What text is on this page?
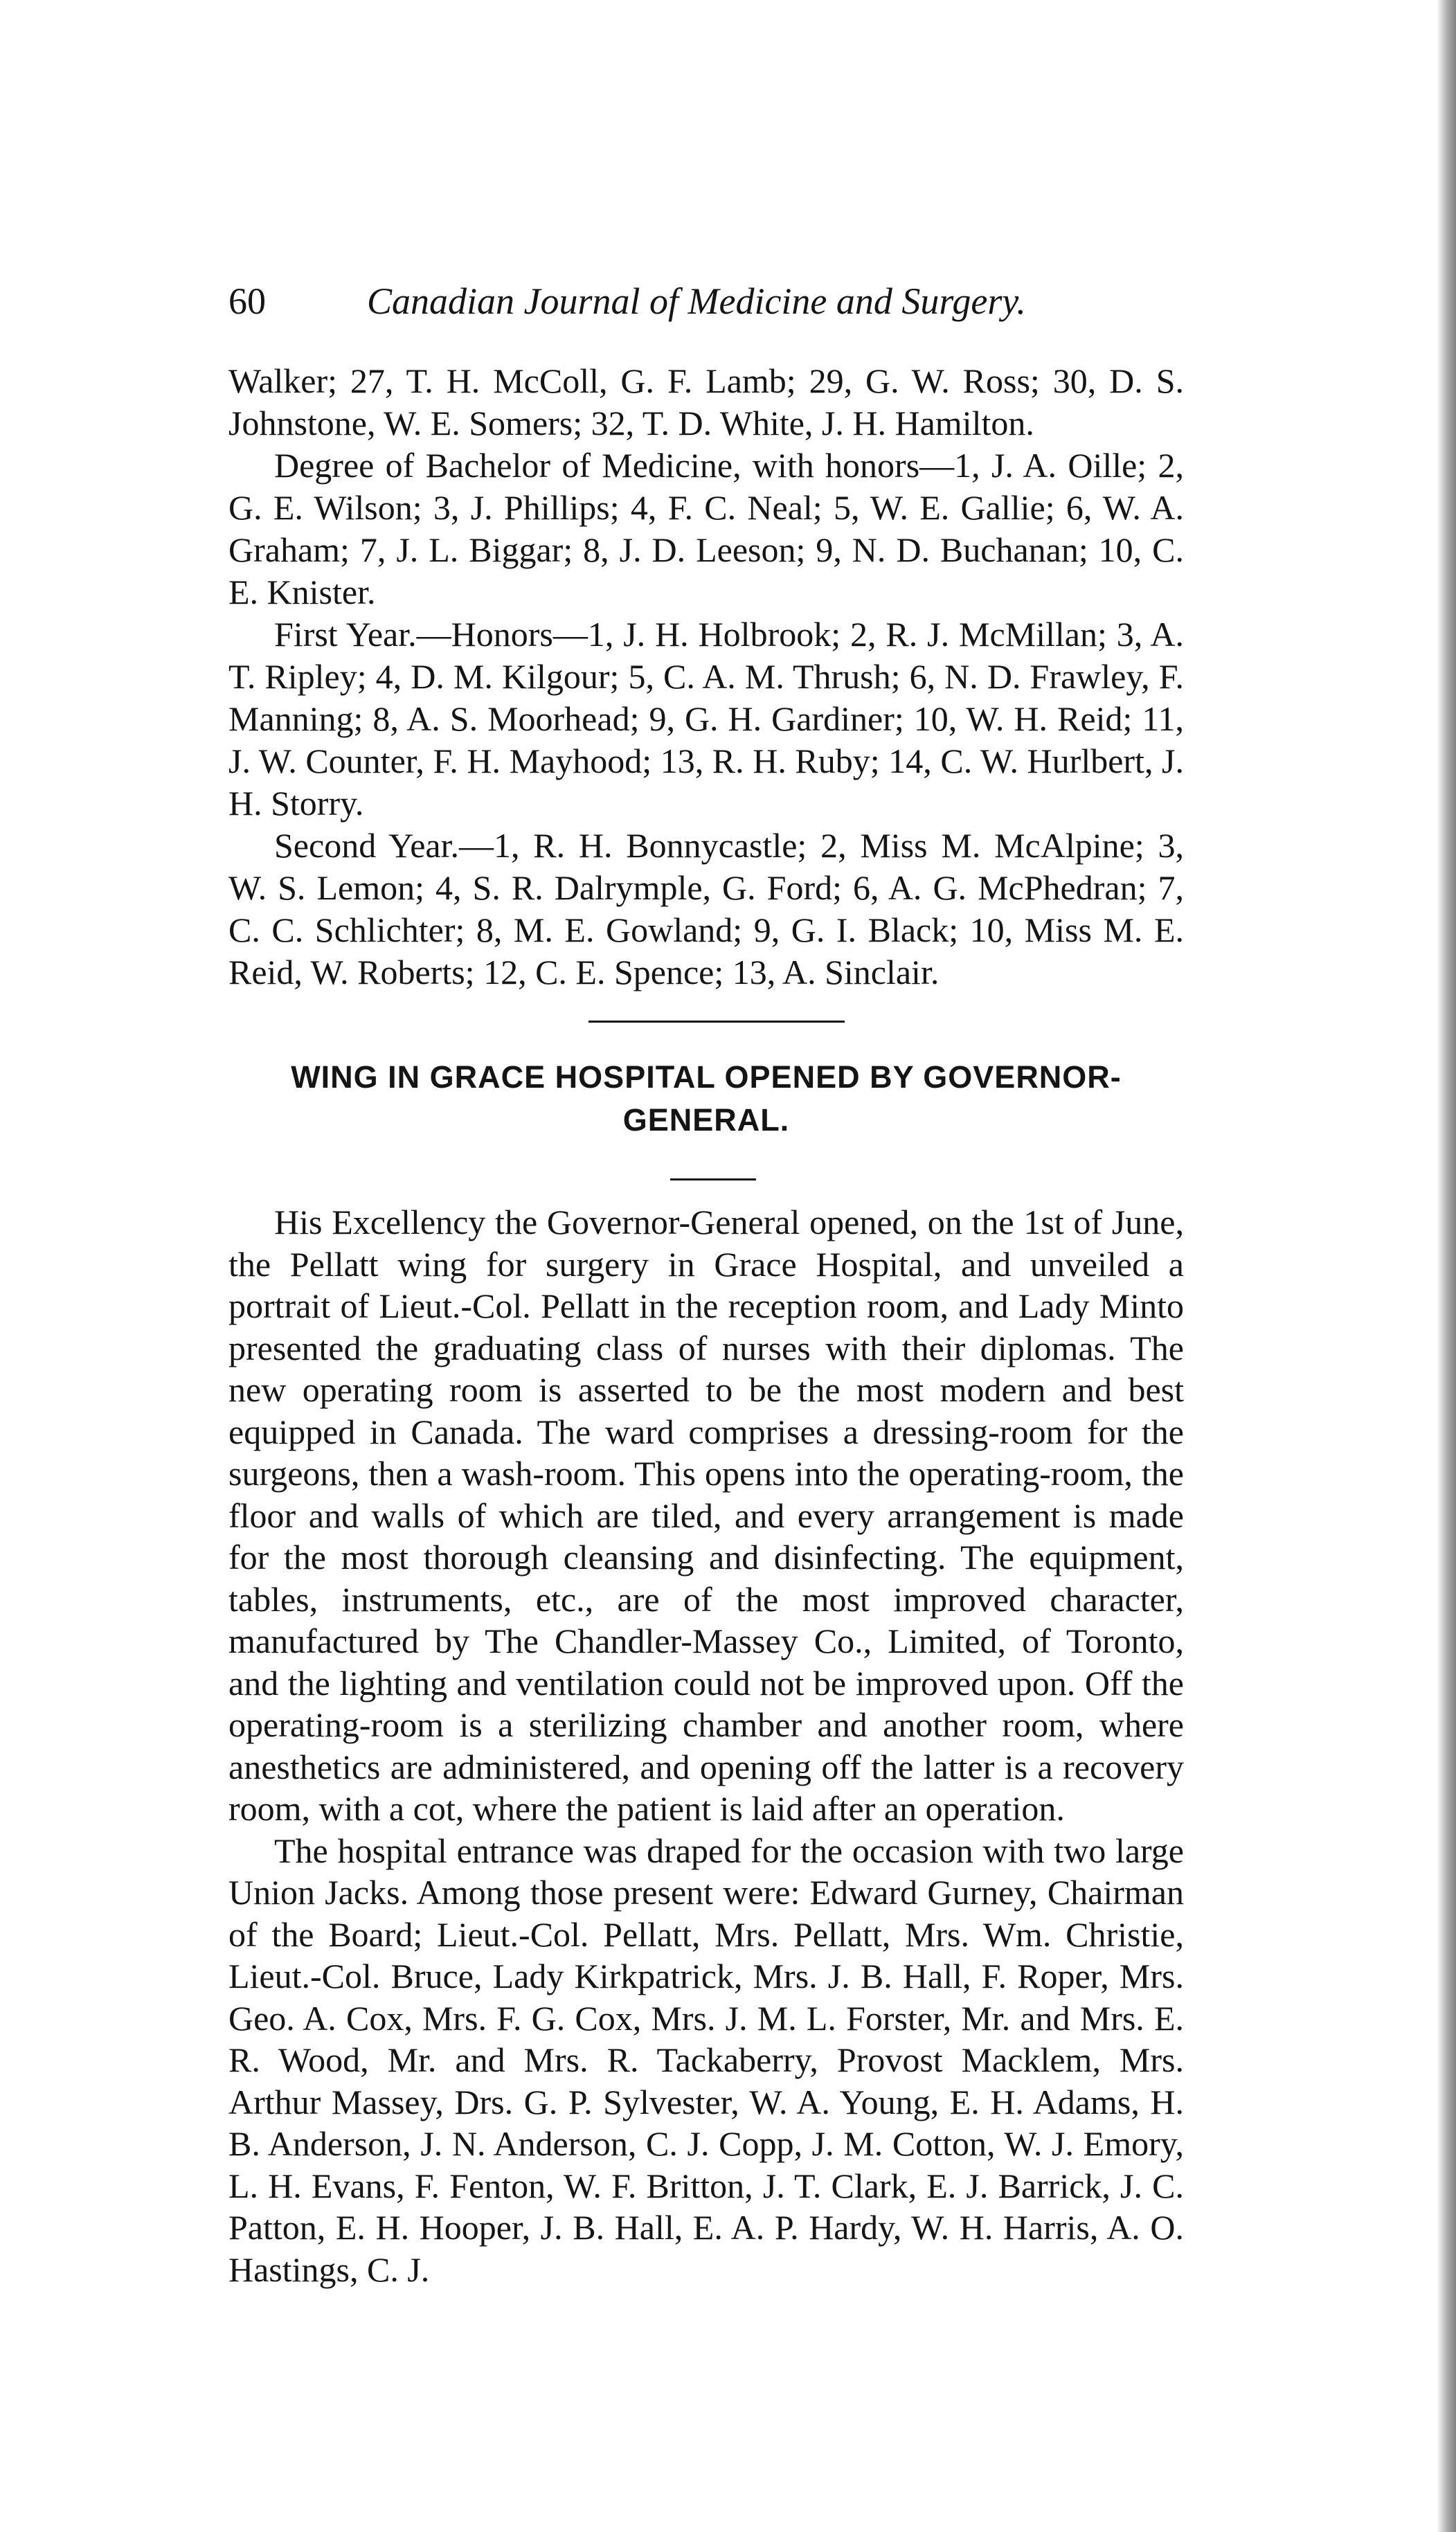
60	Canadian Journal of Medicine and Surgery.

Walker; 27, T. H. McColl, G. F. Lamb; 29, G. W. Ross; 30, D. S. Johnstone, W. E. Somers; 32, T. D. White, J. H. Hamilton.

Degree of Bachelor of Medicine, with honors—1, J. A. Oille; 2, G. E. Wilson; 3, J. Phillips; 4, F. C. Neal; 5, W. E. Gallie; 6, W. A. Graham; 7, J. L. Biggar; 8, J. D. Leeson; 9, N. D. Buchanan; 10, C. E. Knister.

First Year.—Honors—1, J. H. Holbrook; 2, R. J. McMillan; 3, A. T. Ripley; 4, D. M. Kilgour; 5, C. A. M. Thrush; 6, N. D. Frawley, F. Manning; 8, A. S. Moorhead; 9, G. H. Gardiner; 10, W. H. Reid; 11, J. W. Counter, F. H. Mayhood; 13, R. H. Ruby; 14, C. W. Hurlbert, J. H. Storry.

Second Year.—1, R. H. Bonnycastle; 2, Miss M. McAlpine; 3, W. S. Lemon; 4, S. R. Dalrymple, G. Ford; 6, A. G. McPhedran; 7, C. C. Schlichter; 8, M. E. Gowland; 9, G. I. Black; 10, Miss M. E. Reid, W. Roberts; 12, C. E. Spence; 13, A. Sinclair.

WING IN GRACE HOSPITAL OPENED BY GOVERNOR-GENERAL.

His Excellency the Governor-General opened, on the 1st of June, the Pellatt wing for surgery in Grace Hospital, and unveiled a portrait of Lieut.-Col. Pellatt in the reception room, and Lady Minto presented the graduating class of nurses with their diplomas. The new operating room is asserted to be the most modern and best equipped in Canada. The ward comprises a dressing-room for the surgeons, then a wash-room. This opens into the operating-room, the floor and walls of which are tiled, and every arrangement is made for the most thorough cleansing and disinfecting. The equipment, tables, instruments, etc., are of the most improved character, manufactured by The Chandler-Massey Co., Limited, of Toronto, and the lighting and ventilation could not be improved upon. Off the operating-room is a sterilizing chamber and another room, where anesthetics are administered, and opening off the latter is a recovery room, with a cot, where the patient is laid after an operation.

The hospital entrance was draped for the occasion with two large Union Jacks. Among those present were: Edward Gurney, Chairman of the Board; Lieut.-Col. Pellatt, Mrs. Pellatt, Mrs. Wm. Christie, Lieut.-Col. Bruce, Lady Kirkpatrick, Mrs. J. B. Hall, F. Roper, Mrs. Geo. A. Cox, Mrs. F. G. Cox, Mrs. J. M. L. Forster, Mr. and Mrs. E. R. Wood, Mr. and Mrs. R. Tackaberry, Provost Macklem, Mrs. Arthur Massey, Drs. G. P. Sylvester, W. A. Young, E. H. Adams, H. B. Anderson, J. N. Anderson, C. J. Copp, J. M. Cotton, W. J. Emory, L. H. Evans, F. Fenton, W. F. Britton, J. T. Clark, E. J. Barrick, J. C. Patton, E. H. Hooper, J. B. Hall, E. A. P. Hardy, W. H. Harris, A. O. Hastings, C. J.
